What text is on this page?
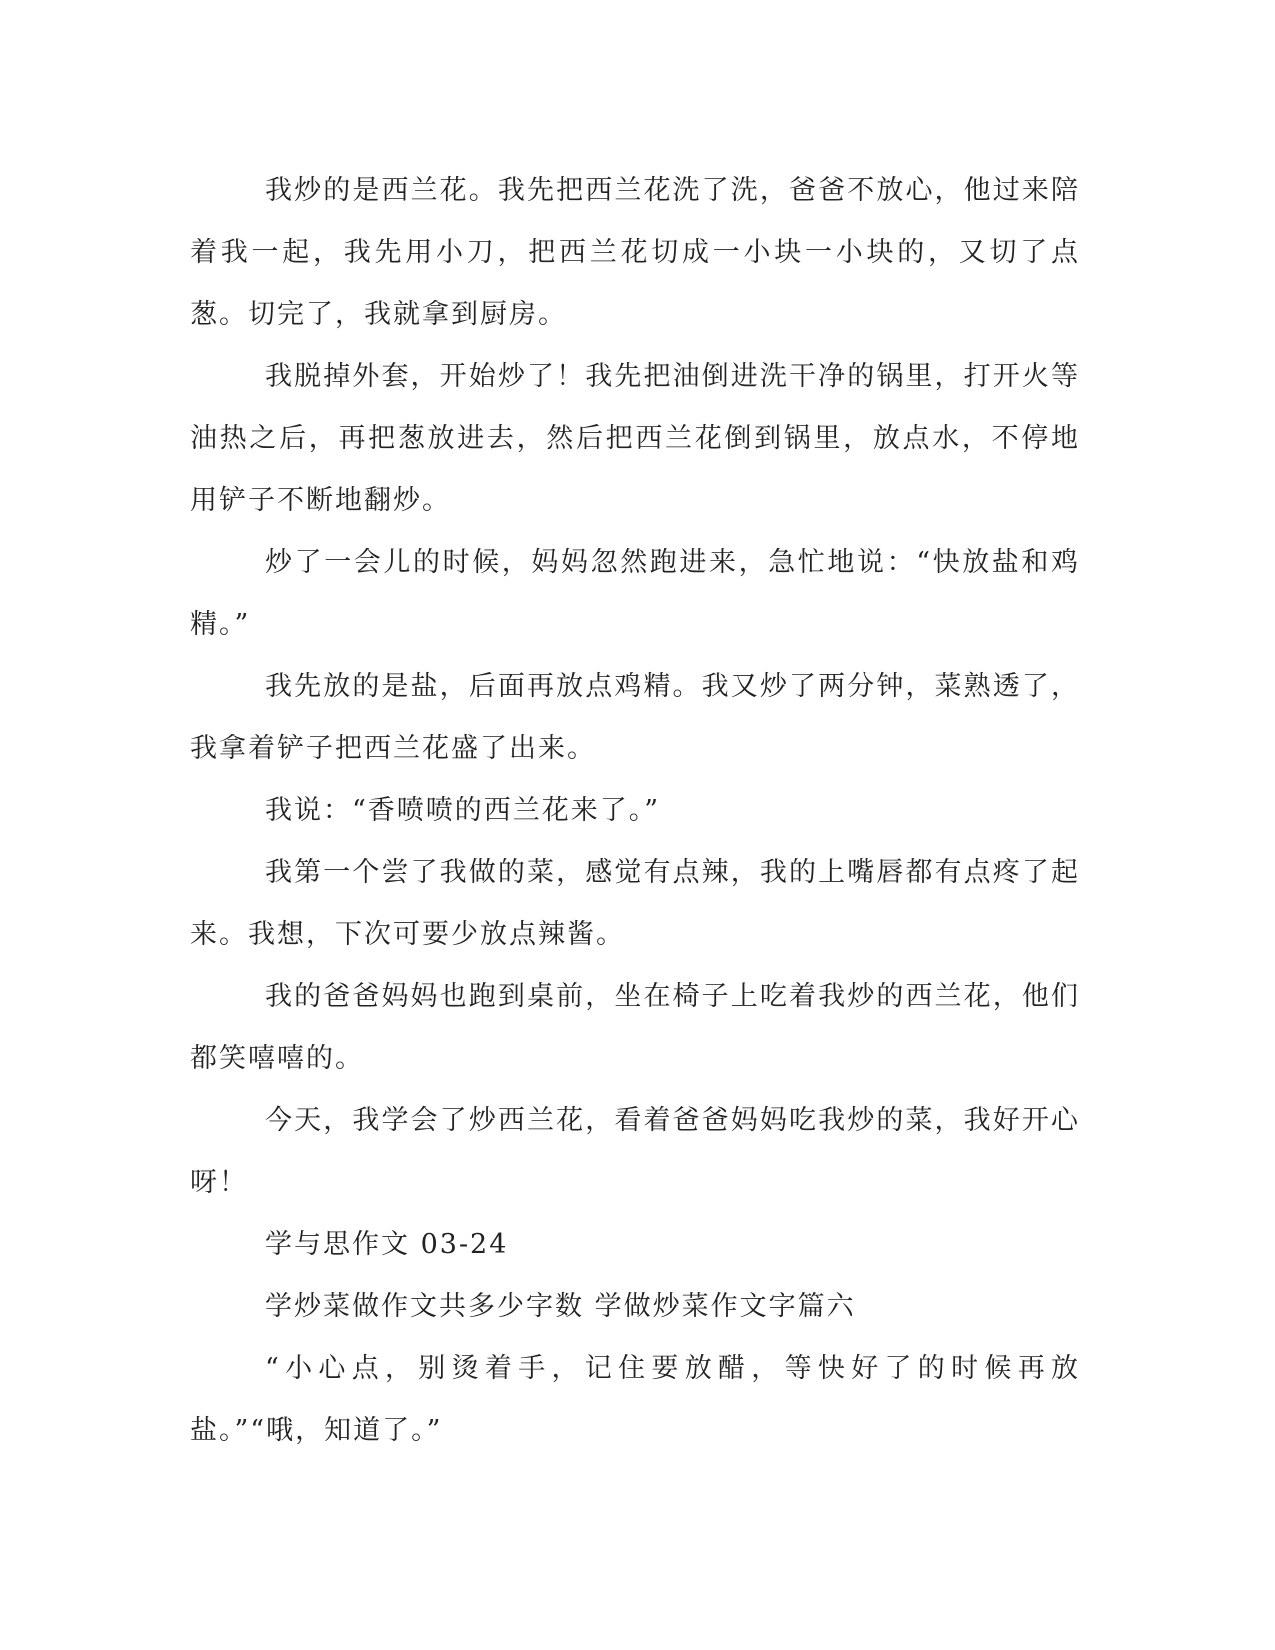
我炒的是西兰花。我先把西兰花洗了洗，爸爸不放心，他过来陪着我一起，我先用小刀，把西兰花切成一小块一小块的，又切了点葱。切完了，我就拿到厨房。

我脱掉外套，开始炒了！我先把油倒进洗干净的锅里，打开火等油热之后，再把葱放进去，然后把西兰花倒到锅里，放点水，不停地用铲子不断地翻炒。

炒了一会儿的时候，妈妈忽然跑进来，急忙地说：“快放盐和鸡精。”

我先放的是盐，后面再放点鸡精。我又炒了两分钟，菜熟透了，我拿着铲子把西兰花盛了出来。

我说：“香喷喷的西兰花来了。”

我第一个尝了我做的菜，感觉有点辣，我的上嘴唇都有点疼了起来。我想，下次可要少放点辣酱。

我的爸爸妈妈也跑到桌前，坐在椅子上吃着我炒的西兰花，他们都笑嘻嘻的。

今天，我学会了炒西兰花，看着爸爸妈妈吃我炒的菜，我好开心呀！

学与思作文 03-24

学炒菜做作文共多少字数 学做炒菜作文字篇六

“小心点，别烫着手，记住要放醋，等快好了的时候再放盐。”“哦，知道了。”
